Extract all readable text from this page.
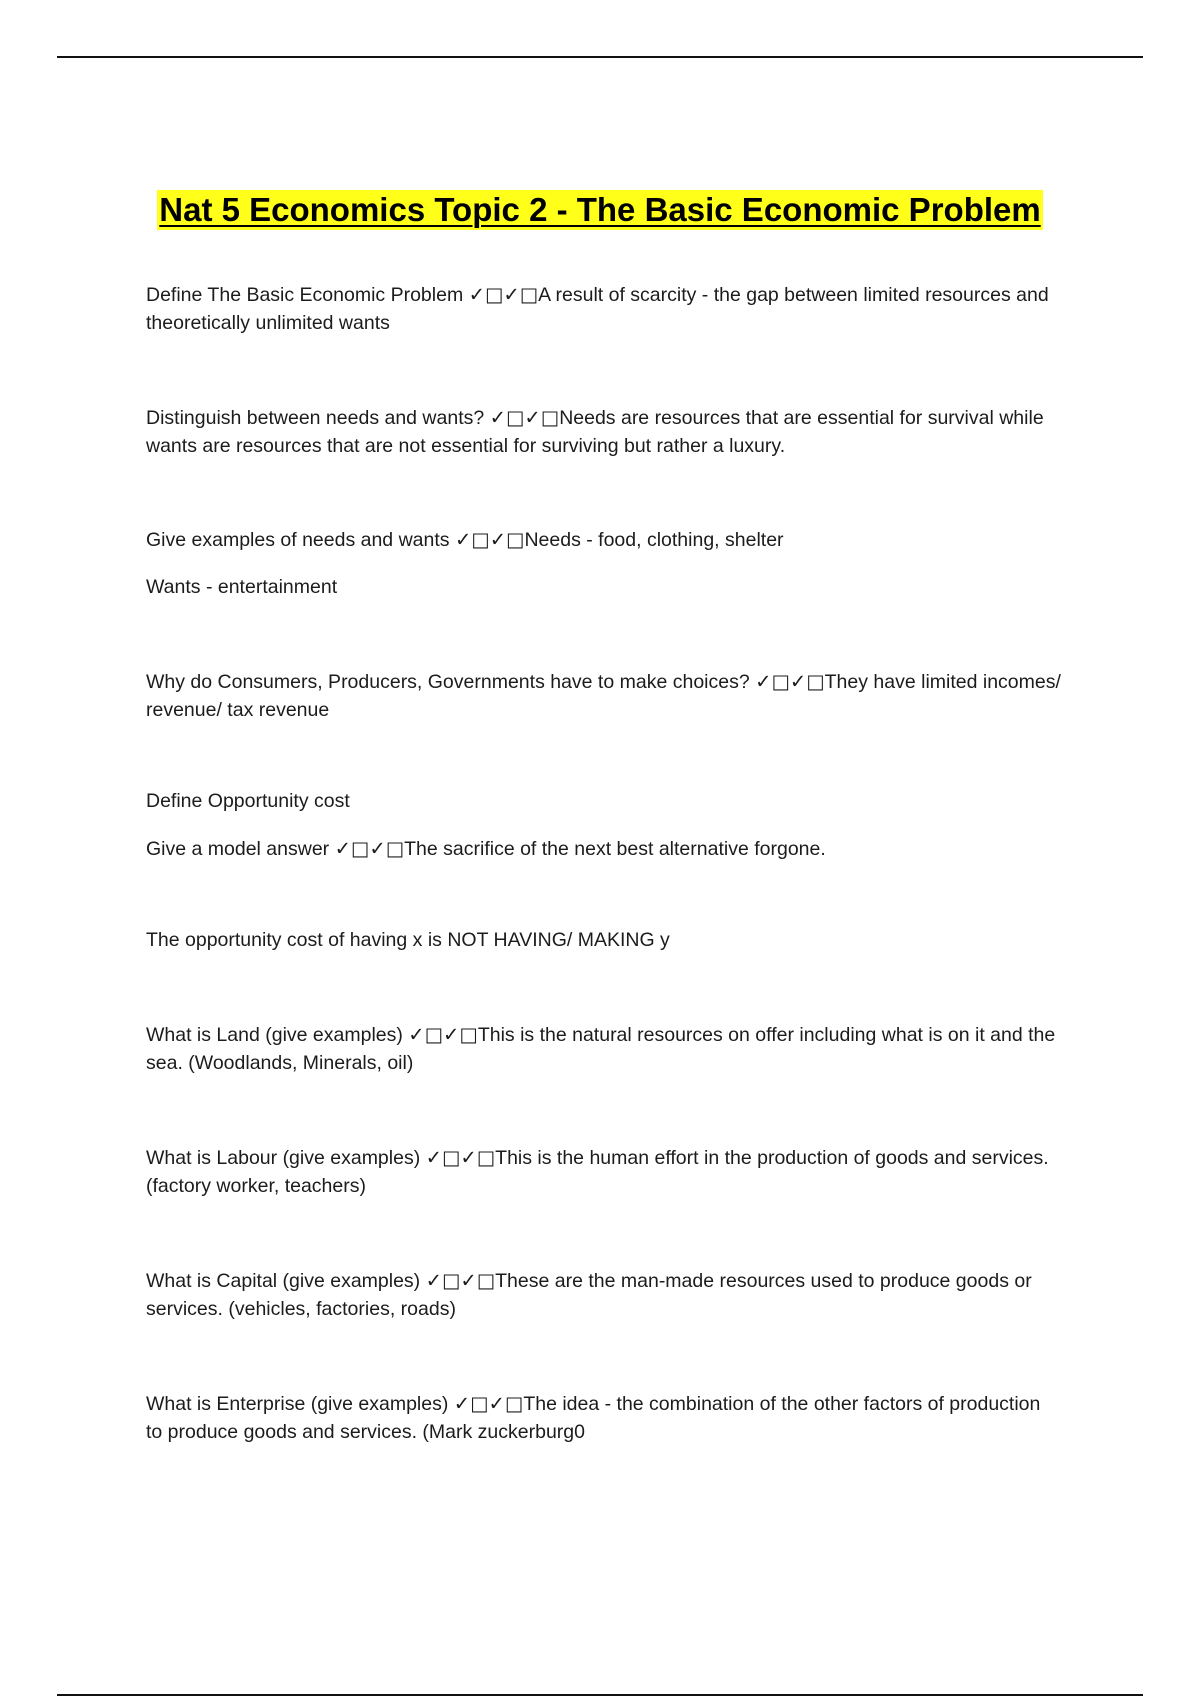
Nat 5 Economics Topic 2 - The Basic Economic Problem
Define The Basic Economic Problem ✓□✓□A result of scarcity - the gap between limited resources and
theoretically unlimited wants
Distinguish between needs and wants? ✓□✓□Needs are resources that are essential for survival while
wants are resources that are not essential for surviving but rather a luxury.
Give examples of needs and wants ✓□✓□Needs - food, clothing, shelter
Wants - entertainment
Why do Consumers, Producers, Governments have to make choices? ✓□✓□They have limited incomes/
revenue/ tax revenue
Define Opportunity cost
Give a model answer ✓□✓□The sacrifice of the next best alternative forgone.
The opportunity cost of having x is NOT HAVING/ MAKING y
What is Land (give examples) ✓□✓□This is the natural resources on offer including what is on it and the
sea. (Woodlands, Minerals, oil)
What is Labour (give examples) ✓□✓□This is the human effort in the production of goods and services.
(factory worker, teachers)
What is Capital (give examples) ✓□✓□These are the man-made resources used to produce goods or
services. (vehicles, factories, roads)
What is Enterprise (give examples) ✓□✓□The idea - the combination of the other factors of production
to produce goods and services. (Mark zuckerburg0
